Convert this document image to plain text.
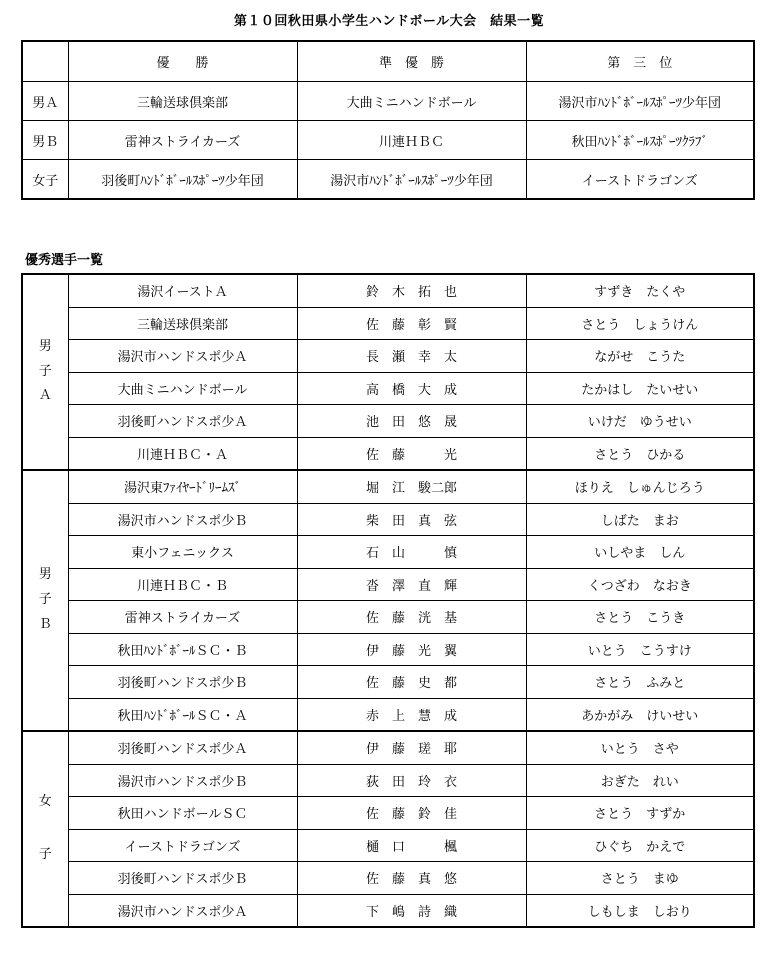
第１０回秋田県小学生ハンドボール大会　結果一覧
	優　　勝	準　優　勝	第　三　位
男Ａ	三輪送球倶楽部	大曲ミニハンドボール	湯沢市ﾊﾝﾄﾞﾎﾞｰﾙｽﾎﾟｰﾂ少年団
男Ｂ	雷神ストライカーズ	川連ＨＢＣ	秋田ﾊﾝﾄﾞﾎﾞｰﾙｽﾎﾟｰﾂｸﾗﾌﾞ
女子	羽後町ﾊﾝﾄﾞﾎﾞｰﾙｽﾎﾟｰﾂ少年団	湯沢市ﾊﾝﾄﾞﾎﾞｰﾙｽﾎﾟｰﾂ少年団	イーストドラゴンズ
優秀選手一覧
男
子
Ａ	湯沢イーストＡ	鈴　木　拓　也	すずき　たくや
	三輪送球倶楽部	佐　藤　彰　賢	さとう　しょうけん
	湯沢市ハンドスポ少Ａ	長　瀬　幸　太	ながせ　こうた
	大曲ミニハンドボール	高　橋　大　成	たかはし　たいせい
	羽後町ハンドスポ少Ａ	池　田　悠　晟	いけだ　ゆうせい
	川連ＨＢＣ・Ａ	佐　藤　　　光	さとう　ひかる

男
子
Ｂ	湯沢東ﾌｧｲﾔｰﾄﾞﾘｰﾑｽﾞ	堀　江　駿二郎	ほりえ　しゅんじろう
	湯沢市ハンドスポ少Ｂ	柴　田　真　弦	しばた　まお
	東小フェニックス	石　山　　　慎	いしやま　しん
	川連ＨＢＣ・Ｂ	沓　澤　直　輝	くつざわ　なおき
	雷神ストライカーズ	佐　藤　洸　基	さとう　こうき
	秋田ﾊﾝﾄﾞﾎﾞｰﾙＳＣ・Ｂ	伊　藤　光　翼	いとう　こうすけ
	羽後町ハンドスポ少Ｂ	佐　藤　史　都	さとう　ふみと
	秋田ﾊﾝﾄﾞﾎﾞｰﾙＳＣ・Ａ	赤　上　慧　成	あかがみ　けいせい

女
子	羽後町ハンドスポ少Ａ	伊　藤　瑳　耶	いとう　さや
	湯沢市ハンドスポ少Ｂ	荻　田　玲　衣	おぎた　れい
	秋田ハンドボールＳＣ	佐　藤　鈴　佳	さとう　すずか
	イーストドラゴンズ	樋　口　　　楓	ひぐち　かえで
	羽後町ハンドスポ少Ｂ	佐　藤　真　悠	さとう　まゆ
	湯沢市ハンドスポ少Ａ	下　嶋　詩　織	しもしま　しおり
